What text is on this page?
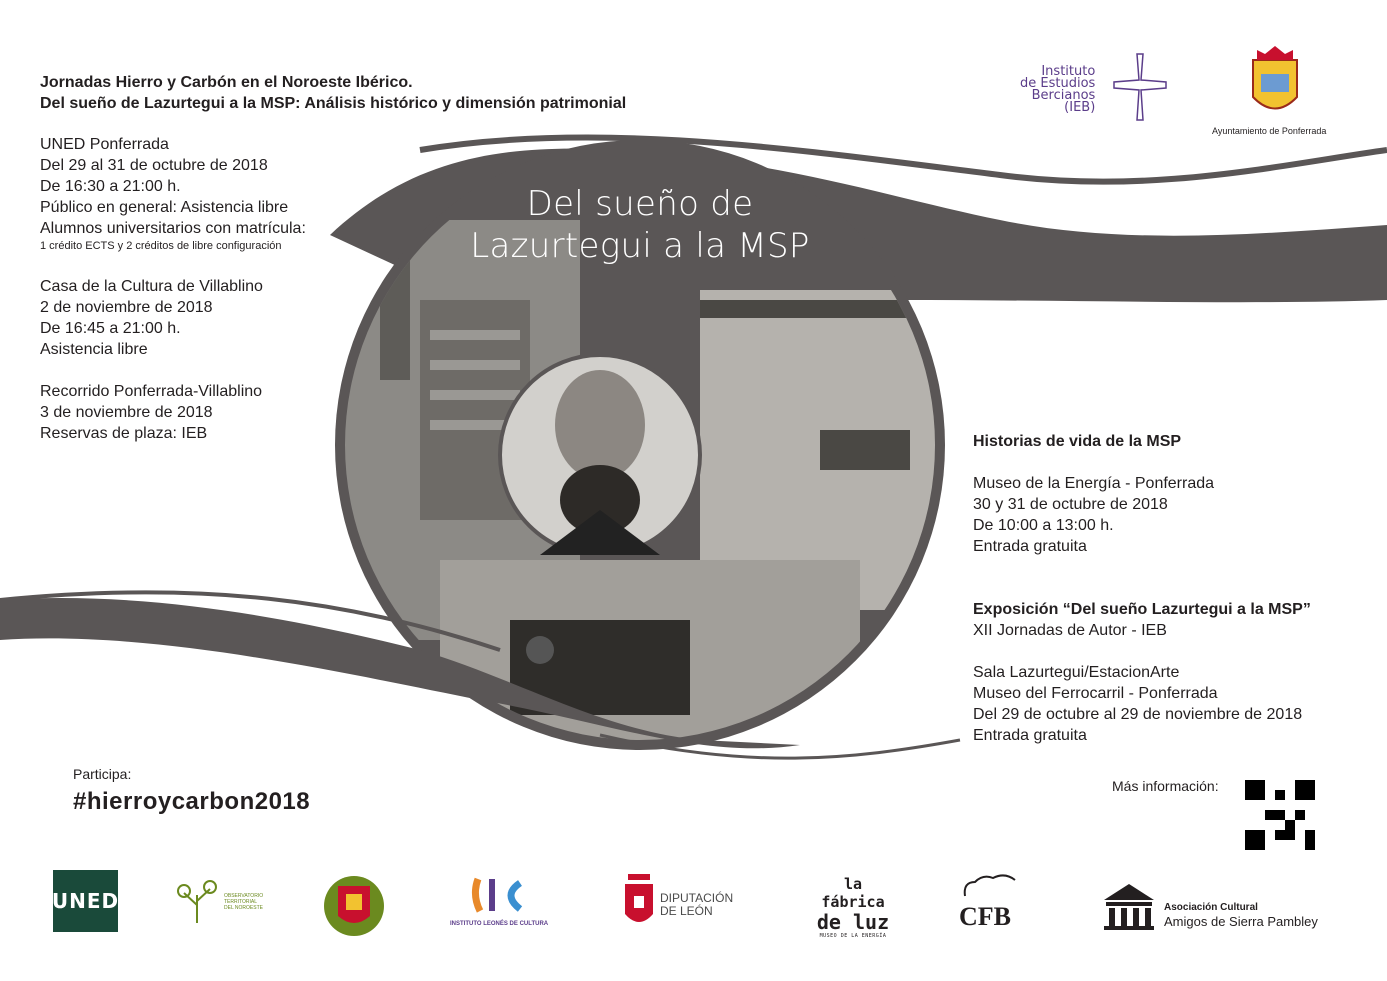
Jornadas Hierro y Carbón en el Noroeste Ibérico.
Del sueño de Lazurtegui a la MSP: Análisis histórico y dimensión patrimonial
UNED Ponferrada
Del 29 al 31 de octubre de 2018
De 16:30 a 21:00 h.
Público en general: Asistencia libre
Alumnos universitarios con matrícula:
1 crédito ECTS y 2 créditos de libre configuración
Casa de la Cultura de Villablino
2 de noviembre de 2018
De 16:45 a 21:00 h.
Asistencia libre
Recorrido Ponferrada-Villablino
3 de noviembre de 2018
Reservas de plaza: IEB
Del sueño de
Lazurtegui a la MSP
Historias de vida de la MSP
Museo de la Energía - Ponferrada
30 y 31 de octubre de 2018
De 10:00 a 13:00 h.
Entrada gratuita
Exposición “Del sueño Lazurtegui a la MSP”
XII Jornadas de Autor - IEB
Sala Lazurtegui/EstacionArte
Museo del Ferrocarril - Ponferrada
Del 29 de octubre al 29 de noviembre de 2018
Entrada gratuita
Participa:
#hierroycarbon2018
Más información:
Instituto
de Estudios
Bercianos
(IEB)
Ayuntamiento de Ponferrada
UNED	OBSERVATORIO
TERRITORIAL
DEL NOROESTE
INSTITUTO LEONÉS DE CULTURA
DIPUTACIÓN
DE LEÓN
la fábrica
de luz
MUSEO DE LA ENERGÍA
CFB	Asociación Cultural
Amigos de Sierra Pambley
